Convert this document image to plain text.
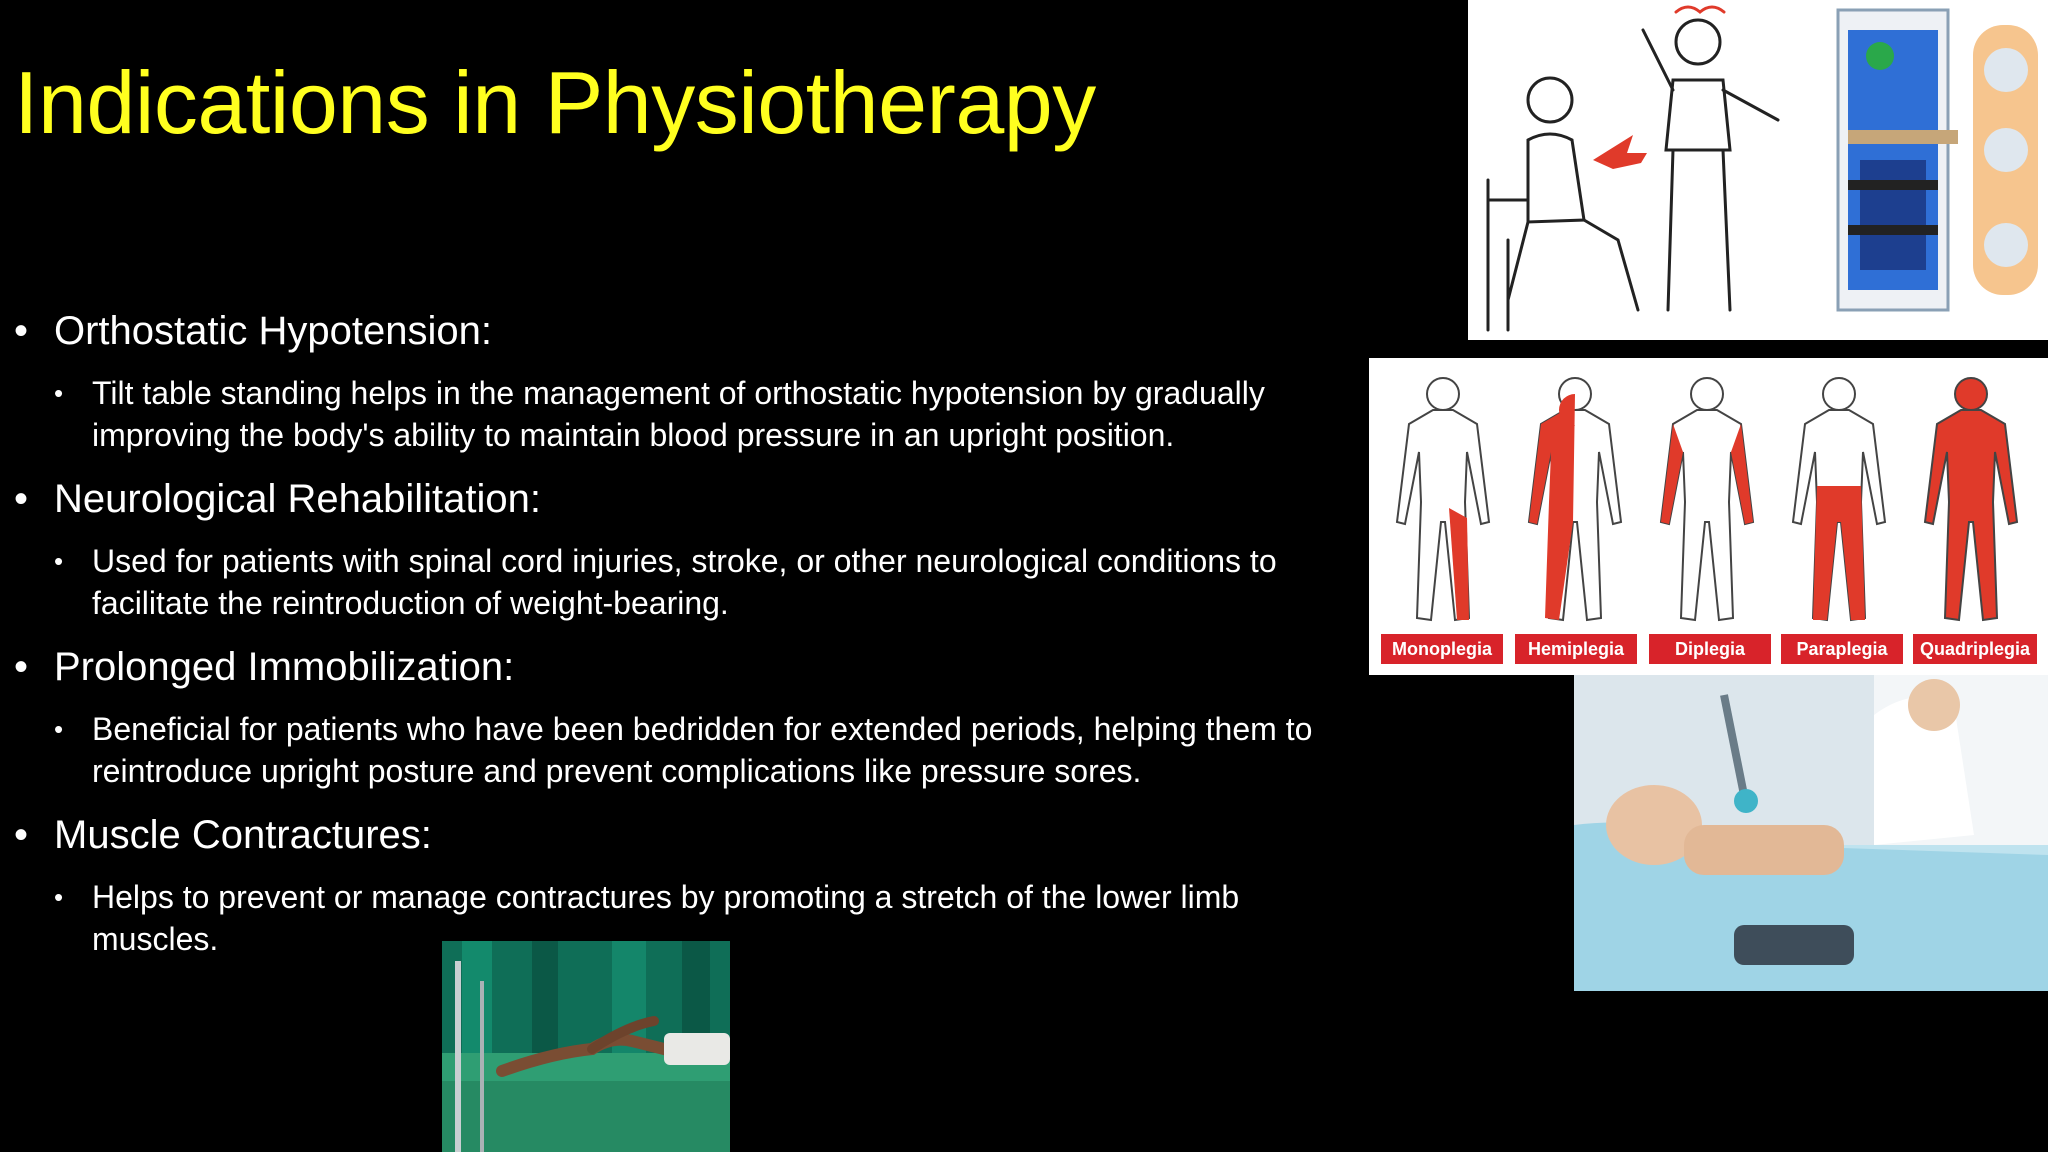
Indications in Physiotherapy
• Orthostatic Hypotension:
• Tilt table standing helps in the management of orthostatic hypotension by gradually improving the body's ability to maintain blood pressure in an upright position.
• Neurological Rehabilitation:
• Used for patients with spinal cord injuries, stroke, or other neurological conditions to facilitate the reintroduction of weight-bearing.
• Prolonged Immobilization:
• Beneficial for patients who have been bedridden for extended periods, helping them to reintroduce upright posture and prevent complications like pressure sores.
• Muscle Contractures:
• Helps to prevent or manage contractures by promoting a stretch of the lower limb muscles.
Monoplegia	Hemiplegia	Diplegia	Paraplegia	Quadriplegia
